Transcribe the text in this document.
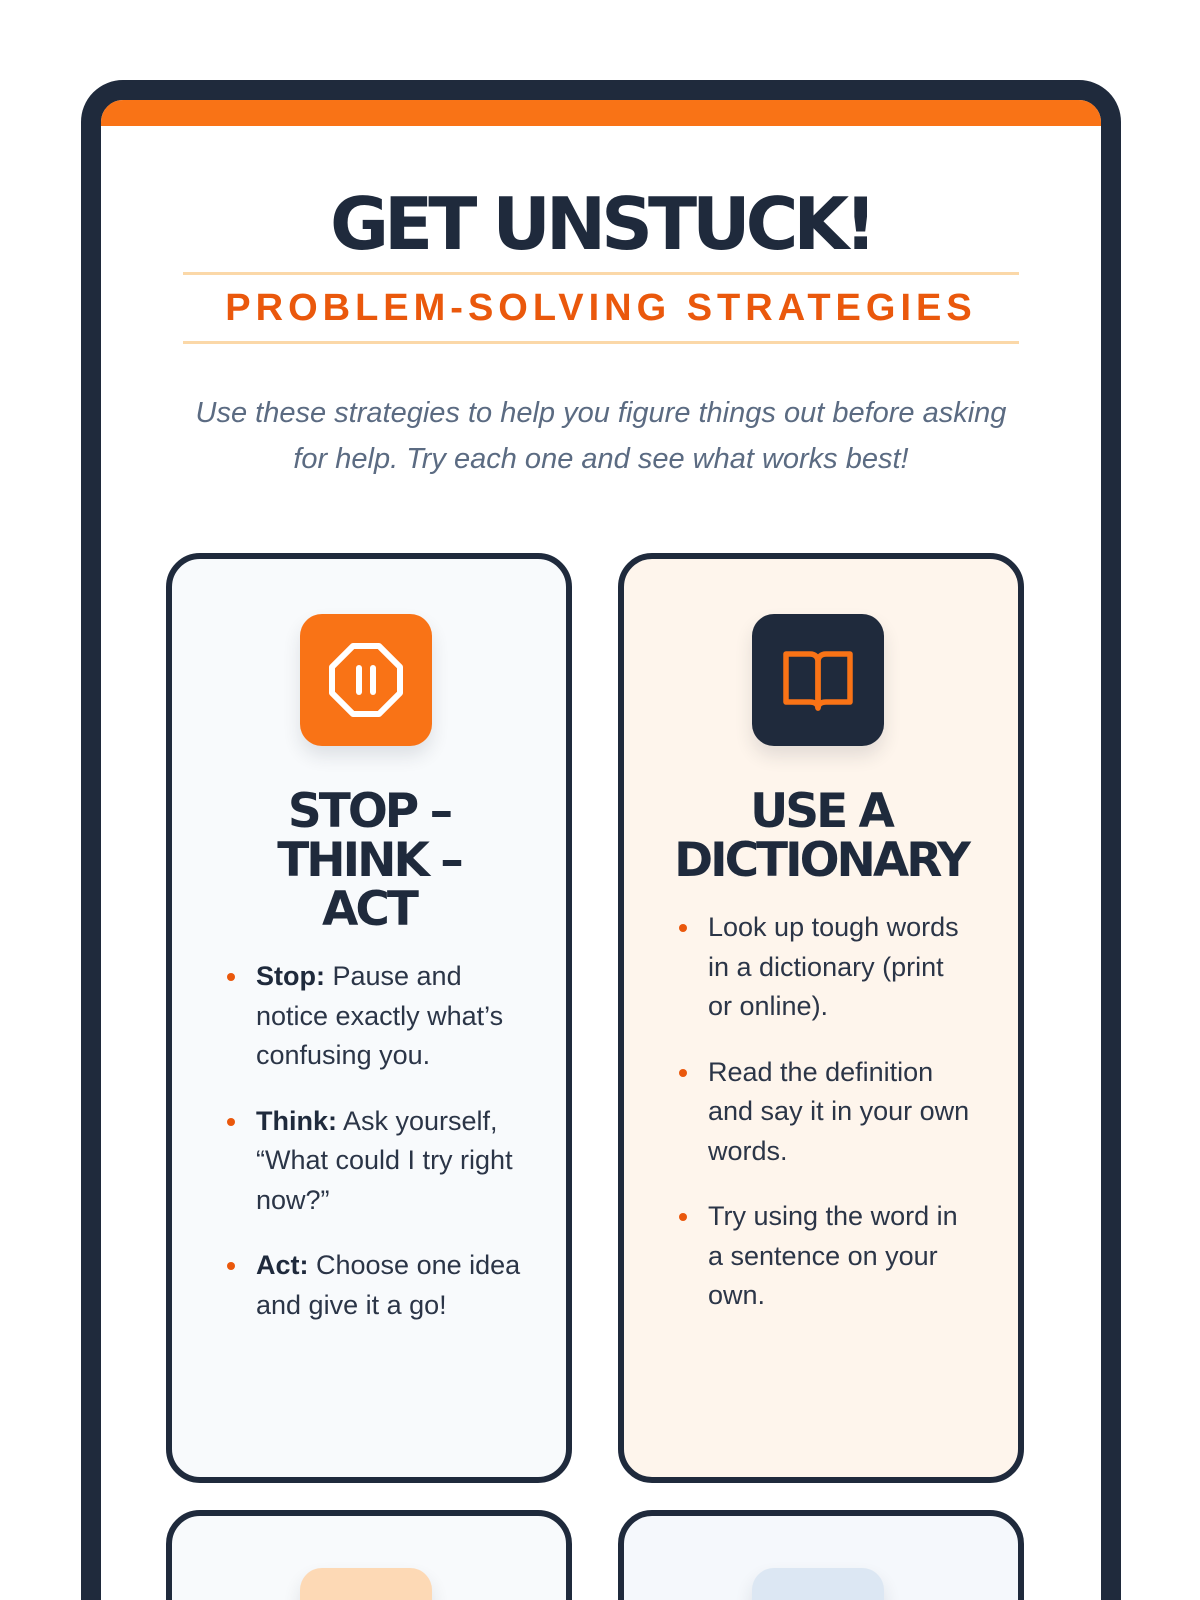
GET UNSTUCK!
PROBLEM-SOLVING STRATEGIES

Use these strategies to help you figure things out before asking for help. Try each one and see what works best!

STOP – THINK – ACT
Stop: Pause and notice exactly what’s confusing you.
Think: Ask yourself, “What could I try right now?”
Act: Choose one idea and give it a go!
USE A DICTIONARY
Look up tough words in a dictionary (print or online).
Read the definition and say it in your own words.
Try using the word in a sentence on your own.
